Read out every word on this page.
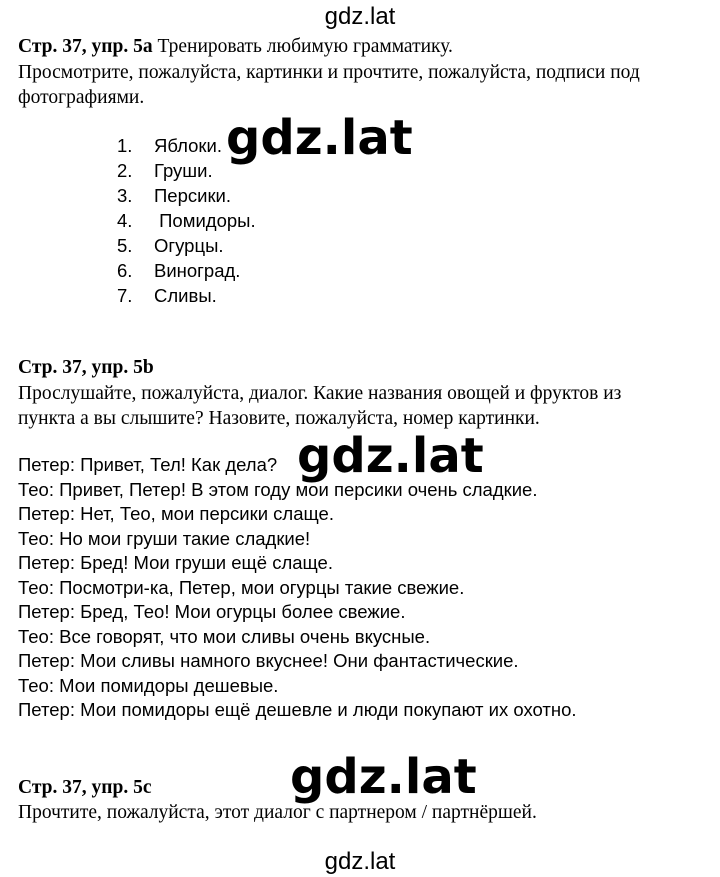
gdz.lat
Стр. 37, упр. 5a Тренировать любимую грамматику.
Просмотрите, пожалуйста, картинки и прочтите, пожалуйста, подписи под
фотографиями.
1. Яблоки.
2. Груши.
3. Персики.
4. Помидоры.
5. Огурцы.
6. Виноград.
7. Сливы.
gdz.lat
Стр. 37, упр. 5b
Прослушайте, пожалуйста, диалог. Какие названия овощей и фруктов из
пункта а вы слышите? Назовите, пожалуйста, номер картинки.
Петер: Привет, Тел! Как дела?
Тео: Привет, Петер! В этом году мои персики очень сладкие.
Петер: Нет, Тео, мои персики слаще.
Тео: Но мои груши такие сладкие!
Петер: Бред! Мои груши ещё слаще.
Тео: Посмотри-ка, Петер, мои огурцы такие свежие.
Петер: Бред, Тео! Мои огурцы более свежие.
Тео: Все говорят, что мои сливы очень вкусные.
Петер: Мои сливы намного вкуснее! Они фантастические.
Тео: Мои помидоры дешевые.
Петер: Мои помидоры ещё дешевле и люди покупают их охотно.
gdz.lat
Стр. 37, упр. 5c
Прочтите, пожалуйста, этот диалог с партнером / партнёршей.
gdz.lat
gdz.lat
